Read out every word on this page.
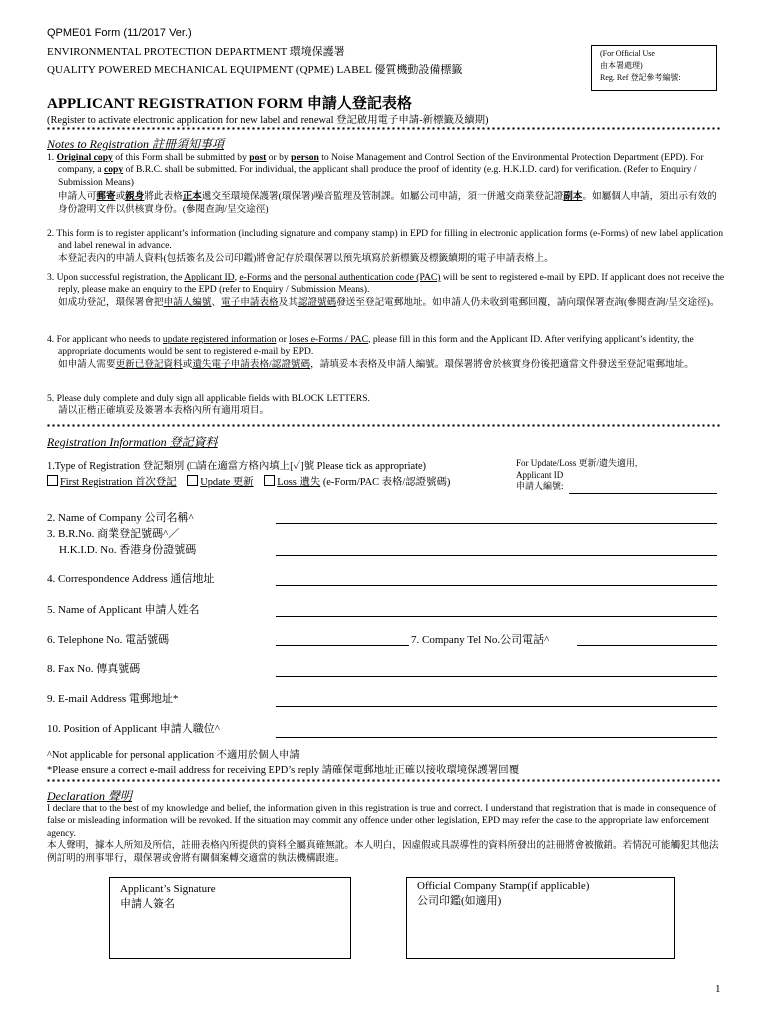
QPME01 Form (11/2017 Ver.)
ENVIRONMENTAL PROTECTION DEPARTMENT 環境保護署
QUALITY POWERED MECHANICAL EQUIPMENT (QPME) LABEL 優質機動設備標籤
(For Official Use
由本署處理)
Reg. Ref 登記參考編號:
APPLICANT REGISTRATION FORM 申請人登記表格
(Register to activate electronic application for new label and renewal 登記啟用電子申請-新標籤及續期)
Notes to Registration 註冊須知事項

1. Original copy of this Form shall be submitted by post or by person to Noise Management and Control Section of the Environmental Protection Department (EPD). For company, a copy of B.R.C. shall be submitted. For individual, the applicant shall produce the proof of identity (e.g. H.K.I.D. card) for verification. (Refer to Enquiry / Submission Means)

申請人可郵寄或親身將此表格正本遞交至環境保護署(環保署)噪音監理及管制課。如屬公司申請，須一併遞交商業登記證副本。如屬個人申請，須出示有效的身份證明文件以供核實身份。(參閱查詢/呈交途徑)

2. This form is to register applicant’s information (including signature and company stamp) in EPD for filling in electronic application forms (e-Forms) of new label application and label renewal in advance.

本登記表內的申請人資料(包括簽名及公司印鑑)將會記存於環保署以預先填寫於新標籤及標籤續期的電子申請表格上。

3. Upon successful registration, the Applicant ID, e-Forms and the personal authentication code (PAC) will be sent to registered e-mail by EPD. If applicant does not receive the reply, please make an enquiry to the EPD (refer to Enquiry / Submission Means).

如成功登記，環保署會把申請人編號、電子申請表格及其認證號碼發送至登記電郵地址。如申請人仍未收到電郵回覆，請向環保署查詢(參閱查詢/呈交途徑)。

4. For applicant who needs to update registered information or loses e-Forms / PAC, please fill in this form and the Applicant ID. After verifying applicant’s identity, the appropriate documents would be sent to registered e-mail by EPD.

如申請人需要更新已登記資料或遺失電子申請表格/認證號碼，請填妥本表格及申請人編號。環保署將會於核實身份後把適當文件發送至登記電郵地址。

5. Please duly complete and duly sign all applicable fields with BLOCK LETTERS.

請以正楷正確填妥及簽署本表格內所有適用項目。

Registration Information 登記資料
1.Type of Registration 登記類別 (□請在適當方格內填上[✓]號 Please tick as appropriate)
First Registration 首次登記 Update 更新 Loss 遺失 (e-Form/PAC 表格/認證號碼)
For Update/Loss 更新/遺失適用,
Applicant ID
申請人編號:
2. Name of Company 公司名稱^
3. B.R.No. 商業登記號碼^／
H.K.I.D. No. 香港身份證號碼
4. Correspondence Address 通信地址
5. Name of Applicant 申請人姓名
6. Telephone No. 電話號碼	7. Company Tel No.公司電話^
8. Fax No. 傳真號碼
9. E-mail Address 電郵地址*
10. Position of Applicant 申請人職位^
^Not applicable for personal application 不適用於個人申請
*Please ensure a correct e-mail address for receiving EPD’s reply 請確保電郵地址正確以接收環境保護署回覆
Declaration 聲明

I declare that to the best of my knowledge and belief, the information given in this registration is true and correct. I understand that registration that is made in consequence of false or misleading information will be revoked. If the situation may commit any offence under other legislation, EPD may refer the case to the appropriate law enforcement agency.

本人聲明，據本人所知及所信，註冊表格內所提供的資料全屬真確無訛。本人明白，因虛假或具誤導性的資料所發出的註冊將會被撤銷。若情況可能觸犯其他法例訂明的刑事罪行，環保署或會將有關個案轉交適當的執法機構跟進。

Applicant’s Signature
申請人簽名
Official Company Stamp(if applicable)
公司印鑑(如適用)
1
